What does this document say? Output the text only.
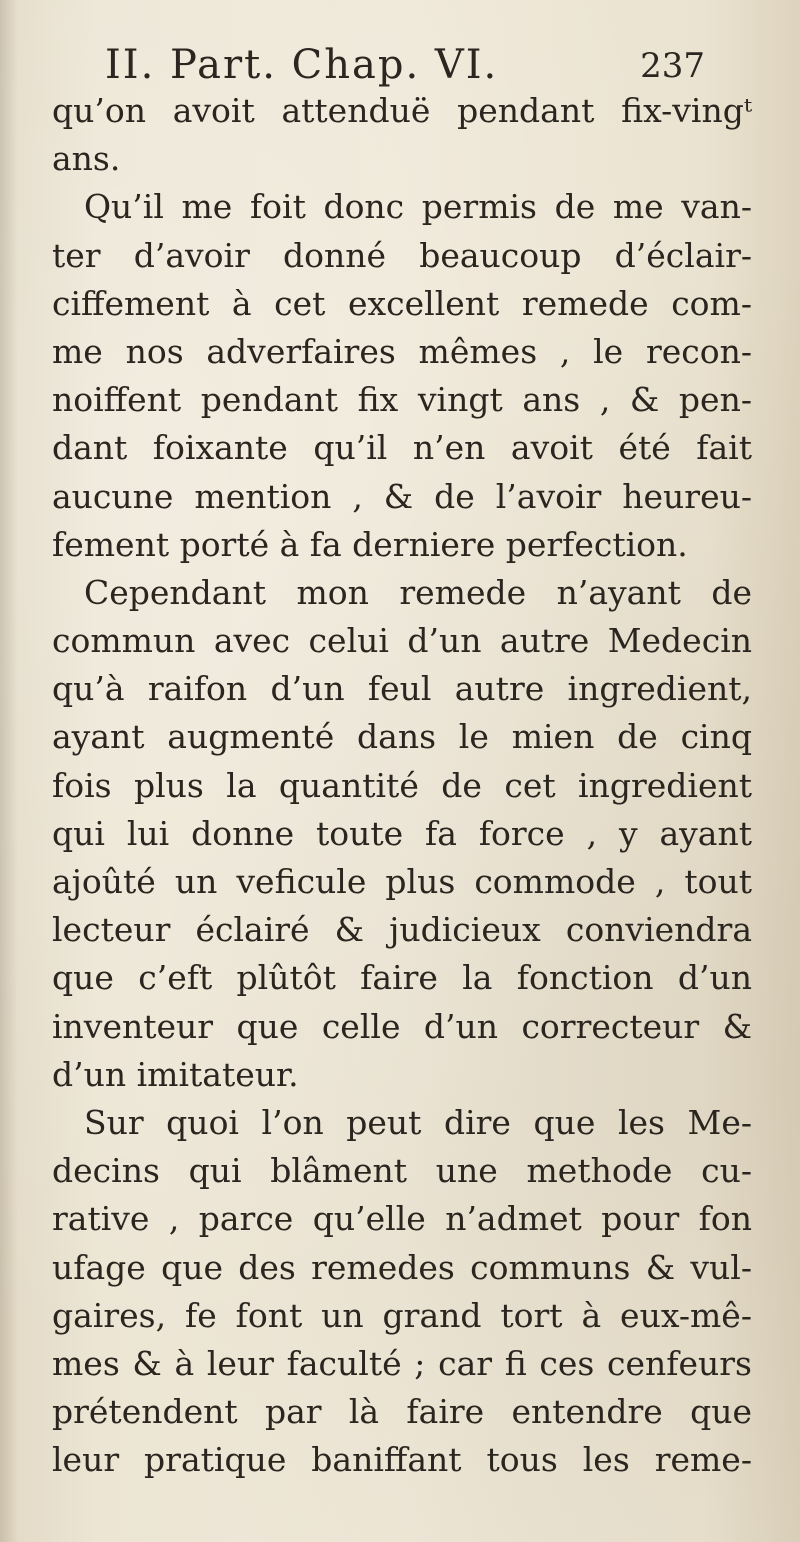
II. Part. Chap. VI.	237
qu’on avoit attenduë pendant fix-vingᵗ
ans.
Qu’il me foit donc permis de me van-
ter d’avoir donné beaucoup d’éclair-
ciffement à cet excellent remede com-
me nos adverfaires mêmes , le recon-
noiffent pendant fix vingt ans , & pen-
dant foixante qu’il n’en avoit été fait
aucune mention , & de l’avoir heureu-
fement porté à fa derniere perfection.
Cependant mon remede n’ayant de
commun avec celui d’un autre Medecin
qu’à raifon d’un feul autre ingredient,
ayant augmenté dans le mien de cinq
fois plus la quantité de cet ingredient
qui lui donne toute fa force , y ayant
ajoûté un veficule plus commode , tout
lecteur éclairé & judicieux conviendra
que c’eft plûtôt faire la fonction d’un
inventeur que celle d’un correcteur &
d’un imitateur.
Sur quoi l’on peut dire que les Me-
decins qui blâment une methode cu-
rative , parce qu’elle n’admet pour fon
ufage que des remedes communs & vul-
gaires, fe font un grand tort à eux-mê-
mes & à leur faculté ; car fi ces cenfeurs
prétendent par là faire entendre que
leur pratique baniffant tous les reme-
